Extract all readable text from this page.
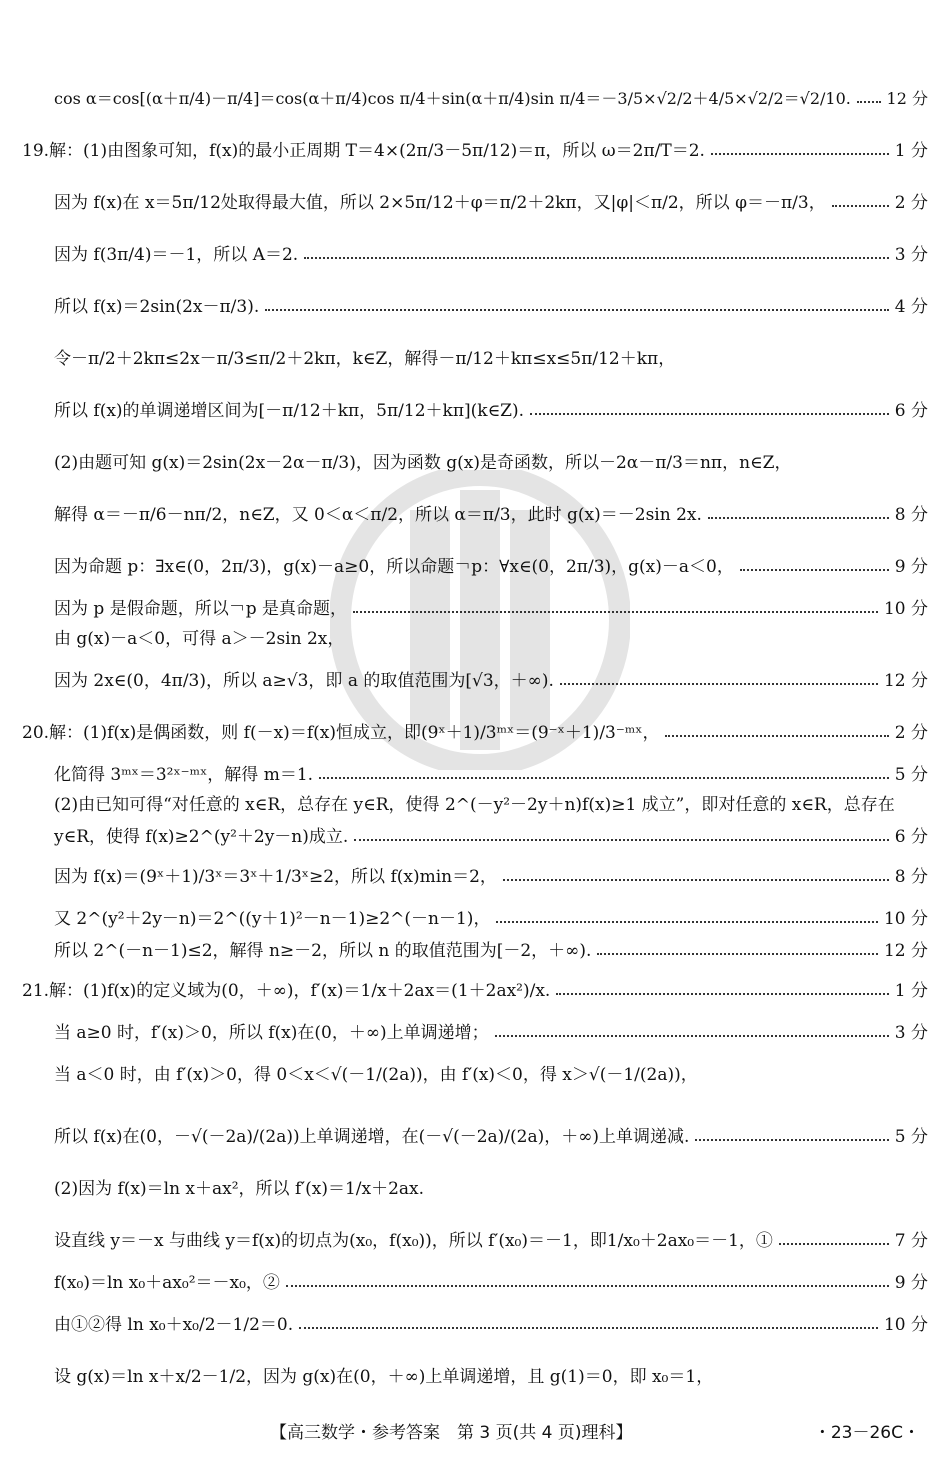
cos α＝cos[(α＋π/4)－π/4]＝cos(α＋π/4)cos π/4＋sin(α＋π/4)sin π/4＝－3/5×√2/2＋4/5×√2/2＝√2/10. 12 分
19.解：(1)由图象可知，f(x)的最小正周期 T＝4×(2π/3－5π/12)＝π，所以 ω＝2π/T＝2.	1 分
因为 f(x)在 x＝5π/12处取得最大值，所以 2×5π/12＋φ＝π/2＋2kπ，又|φ|＜π/2，所以 φ＝－π/3，	2 分
因为 f(3π/4)＝－1，所以 A＝2.	3 分
所以 f(x)＝2sin(2x－π/3).	4 分
令－π/2＋2kπ≤2x－π/3≤π/2＋2kπ，k∈Z，解得－π/12＋kπ≤x≤5π/12＋kπ，
所以 f(x)的单调递增区间为[－π/12＋kπ，5π/12＋kπ](k∈Z).	6 分
(2)由题可知 g(x)＝2sin(2x－2α－π/3)，因为函数 g(x)是奇函数，所以－2α－π/3＝nπ，n∈Z，
解得 α＝－π/6－nπ/2，n∈Z，又 0＜α＜π/2，所以 α＝π/3，此时 g(x)＝－2sin 2x.	8 分
因为命题 p：∃x∈(0，2π/3)，g(x)－a≥0，所以命题￢p：∀x∈(0，2π/3)，g(x)－a＜0，	9 分
因为 p 是假命题，所以￢p 是真命题，	10 分
由 g(x)－a＜0，可得 a＞－2sin 2x，
因为 2x∈(0，4π/3)，所以 a≥√3，即 a 的取值范围为[√3，＋∞).	12 分
20.解：(1)f(x)是偶函数，则 f(－x)＝f(x)恒成立，即(9ˣ＋1)/3ᵐˣ＝(9⁻ˣ＋1)/3⁻ᵐˣ，	2 分
化简得 3ᵐˣ＝3²ˣ⁻ᵐˣ，解得 m＝1.	5 分
(2)由已知可得“对任意的 x∈R，总存在 y∈R，使得 2^(－y²－2y＋n)f(x)≥1 成立”，即对任意的 x∈R，总存在
y∈R，使得 f(x)≥2^(y²＋2y－n)成立.	6 分
因为 f(x)＝(9ˣ＋1)/3ˣ＝3ˣ＋1/3ˣ≥2，所以 f(x)min＝2，	8 分
又 2^(y²＋2y－n)＝2^((y＋1)²－n－1)≥2^(－n－1)，	10 分
所以 2^(－n－1)≤2，解得 n≥－2，所以 n 的取值范围为[－2，＋∞).	12 分
21.解：(1)f(x)的定义域为(0，＋∞)，f′(x)＝1/x＋2ax＝(1＋2ax²)/x.	1 分
当 a≥0 时，f′(x)＞0，所以 f(x)在(0，＋∞)上单调递增；	3 分
当 a＜0 时，由 f′(x)＞0，得 0＜x＜√(－1/(2a))，由 f′(x)＜0，得 x＞√(－1/(2a))，
所以 f(x)在(0，－√(－2a)/(2a))上单调递增，在(－√(－2a)/(2a)，＋∞)上单调递减.	5 分
(2)因为 f(x)＝ln x＋ax²，所以 f′(x)＝1/x＋2ax.
设直线 y＝－x 与曲线 y＝f(x)的切点为(x₀，f(x₀))，所以 f′(x₀)＝－1，即1/x₀＋2ax₀＝－1，①	7 分
f(x₀)＝ln x₀＋ax₀²＝－x₀，②	9 分
由①②得 ln x₀＋x₀/2－1/2＝0.	10 分
设 g(x)＝ln x＋x/2－1/2，因为 g(x)在(0，＋∞)上单调递增，且 g(1)＝0，即 x₀＝1，
【高三数学・参考答案　第 3 页(共 4 页)理科】	・23－26C・
